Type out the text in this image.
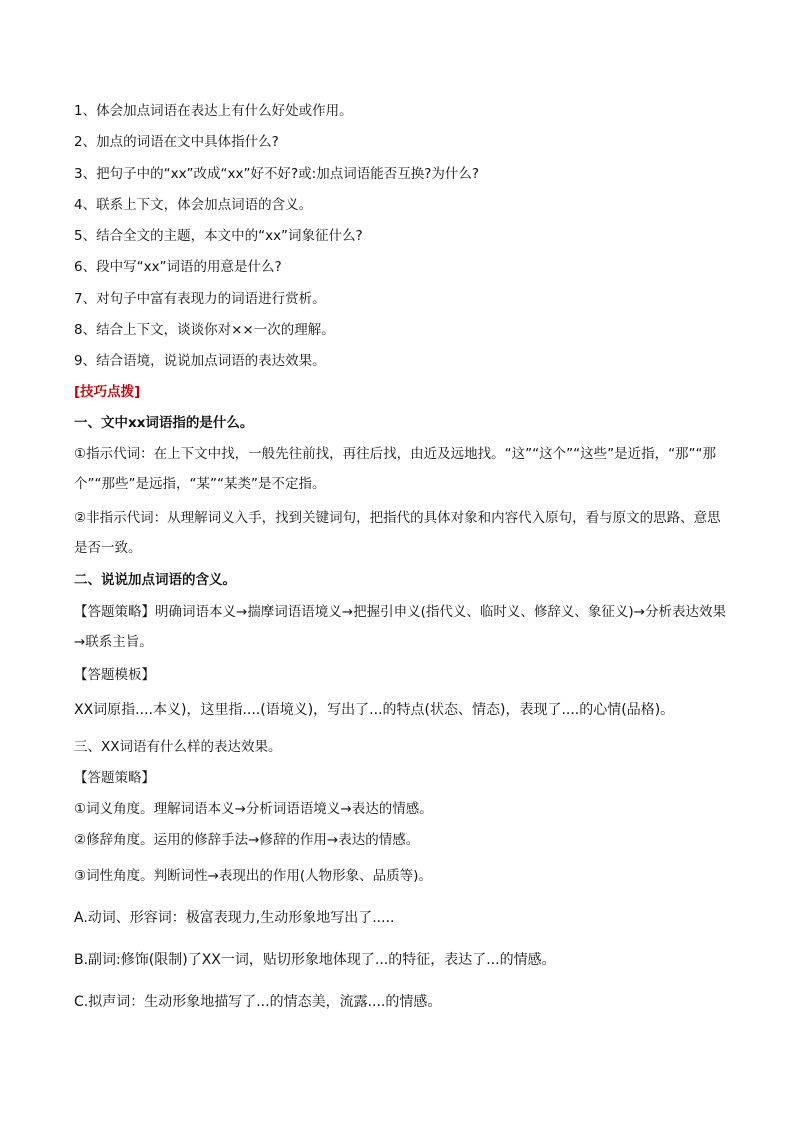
1、体会加点词语在表达上有什么好处或作用。
2、加点的词语在文中具体指什么?
3、把句子中的“xx”改成“xx”好不好?或:加点词语能否互换?为什么?
4、联系上下文，体会加点词语的含义。
5、结合全文的主题，本文中的“xx”词象征什么?
6、段中写“xx”词语的用意是什么?
7、对句子中富有表现力的词语进行赏析。
8、结合上下文，谈谈你对××一次的理解。
9、结合语境，说说加点词语的表达效果。
[技巧点拨]
一、文中xx词语指的是什么。
①指示代词：在上下文中找，一般先往前找，再往后找，由近及远地找。“这”“这个”“这些”是近指，“那”“那个”“那些”是远指，“某”“某类”是不定指。
②非指示代词：从理解词义入手，找到关键词句，把指代的具体对象和内容代入原句，看与原文的思路、意思是否一致。
二、说说加点词语的含义。
【答题策略】明确词语本义→揣摩词语语境义→把握引申义(指代义、临时义、修辞义、象征义)→分析表达效果→联系主旨。
【答题模板】
XX词原指....本义)，这里指....(语境义)，写出了...的特点(状态、情态)，表现了....的心情(品格)。
三、XX词语有什么样的表达效果。
【答题策略】
①词义角度。理解词语本义→分析词语语境义→表达的情感。
②修辞角度。运用的修辞手法→修辞的作用→表达的情感。
③词性角度。判断词性→表现出的作用(人物形象、品质等)。
A.动词、形容词：极富表现力,生动形象地写出了.....
B.副词:修饰(限制)了XX一词，贴切形象地体现了...的特征，表达了...的情感。
C.拟声词：生动形象地描写了...的情态美，流露....的情感。
